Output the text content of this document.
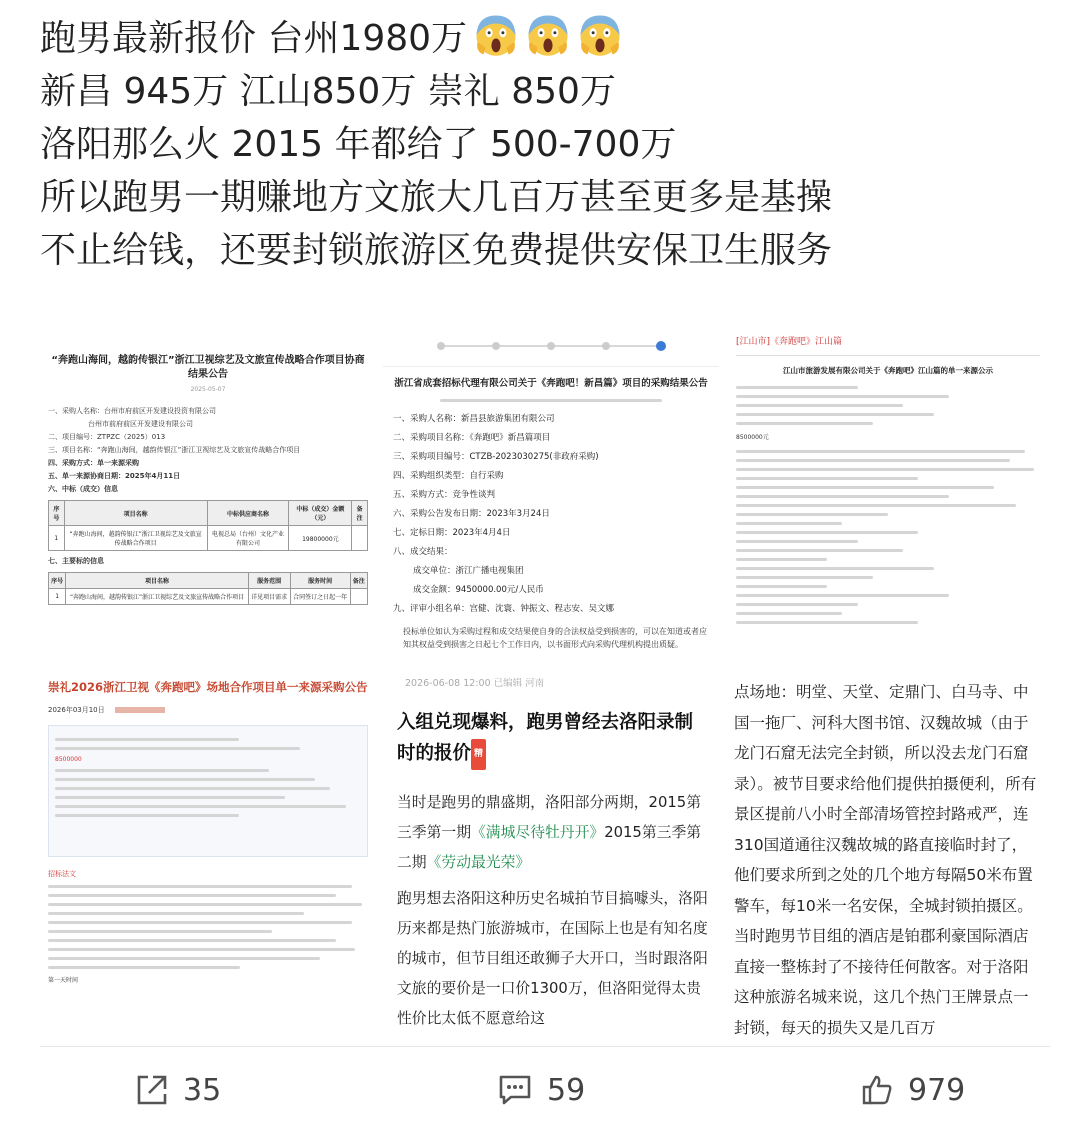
跑男最新报价 台州1980万
新昌 945万 江山850万 崇礼 850万
洛阳那么火 2015 年都给了 500-700万
所以跑男一期赚地方文旅大几百万甚至更多是基操
不止给钱，还要封锁旅游区免费提供安保卫生服务
“奔跑山海间，越韵传银江”浙江卫视综艺及文旅宣传战略合作项目协商结果公告
2025-05-07
一、采购人名称：台州市府前区开发建设投资有限公司
台州市前府前区开发建设有限公司
二、项目编号：ZTPZC（2025）013
三、项目名称：“奔跑山海间，越韵传银江”浙江卫视综艺及文旅宣传战略合作项目
四、采购方式：单一来源采购
五、单一来源协商日期：2025年4月11日
六、中标（成交）信息
序号	项目名称	中标供应商名称	中标（成交）金额（元）	备注
1	“奔跑山海间，越韵传银江”浙江卫视综艺及文旅宣传战略合作项目	电视总局（台州）文化产业有限公司	19800000元	
七、主要标的信息
序号	项目名称	服务范围	服务时间	备注
1	“奔跑山海间，越韵传银江”浙江卫视综艺及文旅宣传战略合作项目	详见项目需求	合同签订之日起一年	
浙江省成套招标代理有限公司关于《奔跑吧！新昌篇》项目的采购结果公告
一、采购人名称：新昌县旅游集团有限公司
二、采购项目名称：《奔跑吧》新昌篇项目
三、采购项目编号：CTZB-2023030275(非政府采购)
四、采购组织类型：自行采购
五、采购方式：竞争性谈判
六、采购公告发布日期：2023年3月24日
七、定标日期：2023年4月4日
八、成交结果：
成交单位：浙江广播电视集团
成交金额：9450000.00元/人民币
九、评审小组名单：宫健、沈寰、钟振文、程志安、吴文娜
投标单位如认为采购过程和成交结果使自身的合法权益受到损害的，可以在知道或者应知其权益受到损害之日起七个工作日内，以书面形式向采购代理机构提出质疑。
[江山市]《奔跑吧》江山篇
江山市旅游发展有限公司关于《奔跑吧》江山篇的单一来源公示
8500000元
崇礼2026浙江卫视《奔跑吧》场地合作项目单一来源采购公告
2026年03月10日
8500000
招标法文
第一天时间
2026-06-08 12:00 已编辑 河南
入组兑现爆料，跑男曾经去洛阳录制时的报价 精
当时是跑男的鼎盛期，洛阳部分两期，2015第三季第一期《满城尽待牡丹开》2015第三季第二期《劳动最光荣》
跑男想去洛阳这种历史名城拍节目搞噱头，洛阳历来都是热门旅游城市，在国际上也是有知名度的城市，但节目组还敢狮子大开口，当时跟洛阳文旅的要价是一口价1300万，但洛阳觉得太贵性价比太低不愿意给这
点场地：明堂、天堂、定鼎门、白马寺、中国一拖厂、河科大图书馆、汉魏故城（由于龙门石窟无法完全封锁，所以没去龙门石窟录）。被节目要求给他们提供拍摄便利，所有景区提前八小时全部清场管控封路戒严，连310国道通往汉魏故城的路直接临时封了，他们要求所到之处的几个地方每隔50米布置警车，每10米一名安保，全城封锁拍摄区。当时跑男节目组的酒店是铂郡利豪国际酒店直接一整栋封了不接待任何散客。对于洛阳这种旅游名城来说，这几个热门王牌景点一封锁，每天的损失又是几百万
35	59	979
